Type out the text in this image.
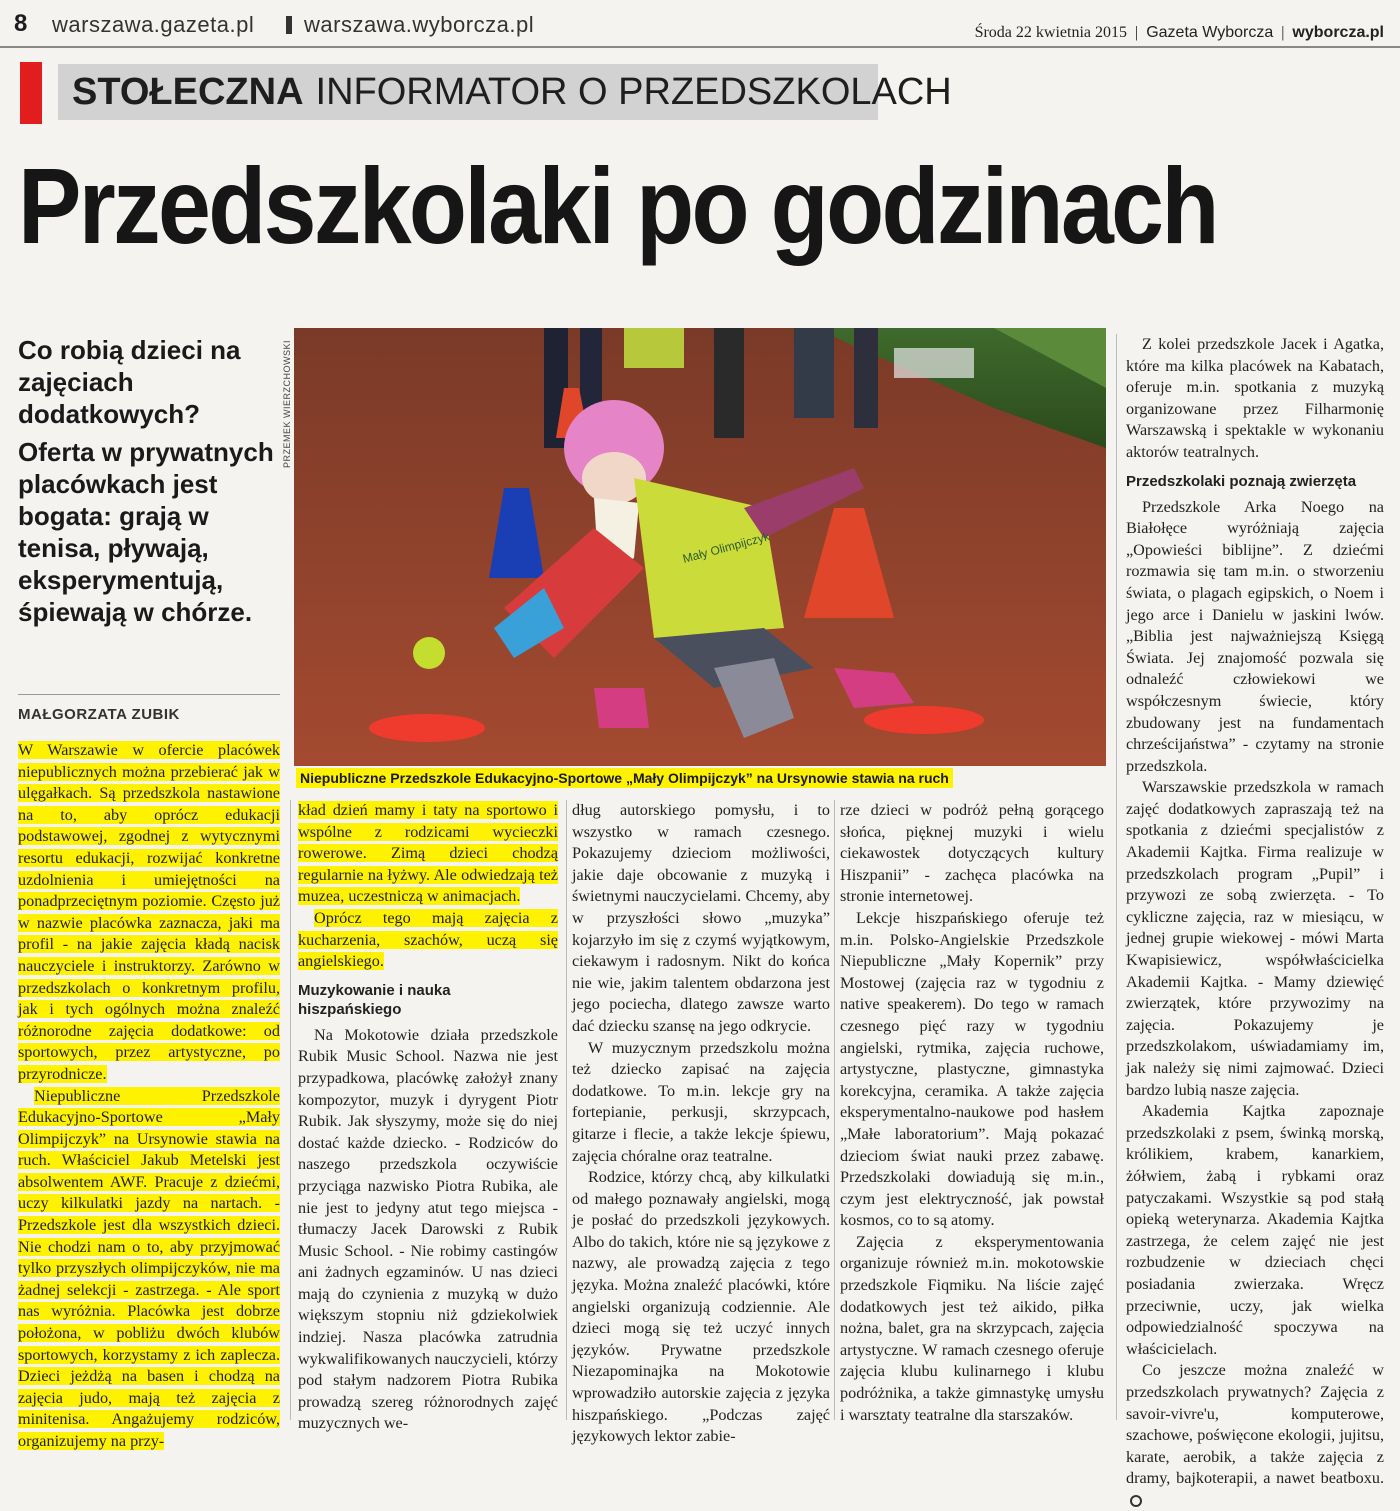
8 warszawa.gazeta.pl warszawa.wyborcza.pl	Środa 22 kwietnia 2015  |  Gazeta Wyborcza  |  wyborcza.pl
STOŁECZNA INFORMATOR O PRZEDSZKOLACH
Przedszkolaki po godzinach

Co robią dzieci na zajęciach dodatkowych?

Oferta w prywatnych placówkach jest bogata: grają w tenisa, pływają, eksperymentują, śpiewają w chórze.

MAŁGORZATA ZUBIK
PRZEMEK WIERZCHOWSKI
Mały Olimpijczyk
Niepubliczne Przedszkole Edukacyjno-Sportowe „Mały Olimpijczyk” na Ursynowie stawia na ruch

W Warszawie w ofercie placówek niepublicznych można przebierać jak w ulęgałkach. Są przedszkola nastawione na to, aby oprócz edukacji podstawowej, zgodnej z wytycznymi resortu edukacji, rozwijać konkretne uzdolnienia i umiejętności na ponadprzeciętnym poziomie. Często już w nazwie placówka zaznacza, jaki ma profil - na jakie zajęcia kładą nacisk nauczyciele i instruktorzy. Zarówno w przedszkolach o konkretnym profilu, jak i tych ogólnych można znaleźć różnorodne zajęcia dodatkowe: od sportowych, przez artystyczne, po przyrodnicze.

Niepubliczne Przedszkole Edukacyjno-Sportowe „Mały Olimpijczyk” na Ursynowie stawia na ruch. Właściciel Jakub Metelski jest absolwentem AWF. Pracuje z dziećmi, uczy kilkulatki jazdy na nartach. - Przedszkole jest dla wszystkich dzieci. Nie chodzi nam o to, aby przyjmować tylko przyszłych olimpijczyków, nie ma żadnej selekcji - zastrzega. - Ale sport nas wyróżnia. Placówka jest dobrze położona, w pobliżu dwóch klubów sportowych, korzystamy z ich zaplecza. Dzieci jeżdżą na basen i chodzą na zajęcia judo, mają też zajęcia z minitenisa. Angażujemy rodziców, organizujemy na przy-

kład dzień mamy i taty na sportowo i wspólne z rodzicami wycieczki rowerowe. Zimą dzieci chodzą regularnie na łyżwy. Ale odwiedzają też muzea, uczestniczą w animacjach.

Oprócz tego mają zajęcia z kucharzenia, szachów, uczą się angielskiego.

Muzykowanie i nauka hiszpańskiego

Na Mokotowie działa przedszkole Rubik Music School. Nazwa nie jest przypadkowa, placówkę założył znany kompozytor, muzyk i dyrygent Piotr Rubik. Jak słyszymy, może się do niej dostać każde dziecko. - Rodziców do naszego przedszkola oczywiście przyciąga nazwisko Piotra Rubika, ale nie jest to jedyny atut tego miejsca - tłumaczy Jacek Darowski z Rubik Music School. - Nie robimy castingów ani żadnych egzaminów. U nas dzieci mają do czynienia z muzyką w dużo większym stopniu niż gdziekolwiek indziej. Nasza placówka zatrudnia wykwalifikowanych nauczycieli, którzy pod stałym nadzorem Piotra Rubika prowadzą szereg różnorodnych zajęć muzycznych we-

dług autorskiego pomysłu, i to wszystko w ramach czesnego. Pokazujemy dzieciom możliwości, jakie daje obcowanie z muzyką i świetnymi nauczycielami. Chcemy, aby w przyszłości słowo „muzyka” kojarzyło im się z czymś wyjątkowym, ciekawym i radosnym. Nikt do końca nie wie, jakim talentem obdarzona jest jego pociecha, dlatego zawsze warto dać dziecku szansę na jego odkrycie.

W muzycznym przedszkolu można też dziecko zapisać na zajęcia dodatkowe. To m.in. lekcje gry na fortepianie, perkusji, skrzypcach, gitarze i flecie, a także lekcje śpiewu, zajęcia chóralne oraz teatralne.

Rodzice, którzy chcą, aby kilkulatki od małego poznawały angielski, mogą je posłać do przedszkoli językowych. Albo do takich, które nie są językowe z nazwy, ale prowadzą zajęcia z tego języka. Można znaleźć placówki, które angielski organizują codziennie. Ale dzieci mogą się też uczyć innych języków. Prywatne przedszkole Niezapominajka na Mokotowie wprowadziło autorskie zajęcia z języka hiszpańskiego. „Podczas zajęć językowych lektor zabie-

rze dzieci w podróż pełną gorącego słońca, pięknej muzyki i wielu ciekawostek dotyczących kultury Hiszpanii” - zachęca placówka na stronie internetowej.

Lekcje hiszpańskiego oferuje też m.in. Polsko-Angielskie Przedszkole Niepubliczne „Mały Kopernik” przy Mostowej (zajęcia raz w tygodniu z native speakerem). Do tego w ramach czesnego pięć razy w tygodniu angielski, rytmika, zajęcia ruchowe, artystyczne, plastyczne, gimnastyka korekcyjna, ceramika. A także zajęcia eksperymentalno-naukowe pod hasłem „Małe laboratorium”. Mają pokazać dzieciom świat nauki przez zabawę. Przedszkolaki dowiadują się m.in., czym jest elektryczność, jak powstał kosmos, co to są atomy.

Zajęcia z eksperymentowania organizuje również m.in. mokotowskie przedszkole Fiqmiku. Na liście zajęć dodatkowych jest też aikido, piłka nożna, balet, gra na skrzypcach, zajęcia artystyczne. W ramach czesnego oferuje zajęcia klubu kulinarnego i klubu podróżnika, a także gimnastykę umysłu i warsztaty teatralne dla starszaków.

Z kolei przedszkole Jacek i Agatka, które ma kilka placówek na Kabatach, oferuje m.in. spotkania z muzyką organizowane przez Filharmonię Warszawską i spektakle w wykonaniu aktorów teatralnych.

Przedszkolaki poznają zwierzęta

Przedszkole Arka Noego na Białołęce wyróżniają zajęcia „Opowieści biblijne”. Z dziećmi rozmawia się tam m.in. o stworzeniu świata, o plagach egipskich, o Noem i jego arce i Danielu w jaskini lwów. „Biblia jest najważniejszą Księgą Świata. Jej znajomość pozwala się odnaleźć człowiekowi we współczesnym świecie, który zbudowany jest na fundamentach chrześcijaństwa” - czytamy na stronie przedszkola.

Warszawskie przedszkola w ramach zajęć dodatkowych zapraszają też na spotkania z dziećmi specjalistów z Akademii Kajtka. Firma realizuje w przedszkolach program „Pupil” i przywozi ze sobą zwierzęta. - To cykliczne zajęcia, raz w miesiącu, w jednej grupie wiekowej - mówi Marta Kwapisiewicz, współwłaścicielka Akademii Kajtka. - Mamy dziewięć zwierzątek, które przywozimy na zajęcia. Pokazujemy je przedszkolakom, uświadamiamy im, jak należy się nimi zajmować. Dzieci bardzo lubią nasze zajęcia.

Akademia Kajtka zapoznaje przedszkolaki z psem, świnką morską, królikiem, krabem, kanarkiem, żółwiem, żabą i rybkami oraz patyczakami. Wszystkie są pod stałą opieką weterynarza. Akademia Kajtka zastrzega, że celem zajęć nie jest rozbudzenie w dzieciach chęci posiadania zwierzaka. Wręcz przeciwnie, uczy, jak wielka odpowiedzialność spoczywa na właścicielach.

Co jeszcze można znaleźć w przedszkolach prywatnych? Zajęcia z savoir-vivre'u, komputerowe, szachowe, poświęcone ekologii, jujitsu, karate, aerobik, a także zajęcia z dramy, bajkoterapii, a nawet beatboxu.
